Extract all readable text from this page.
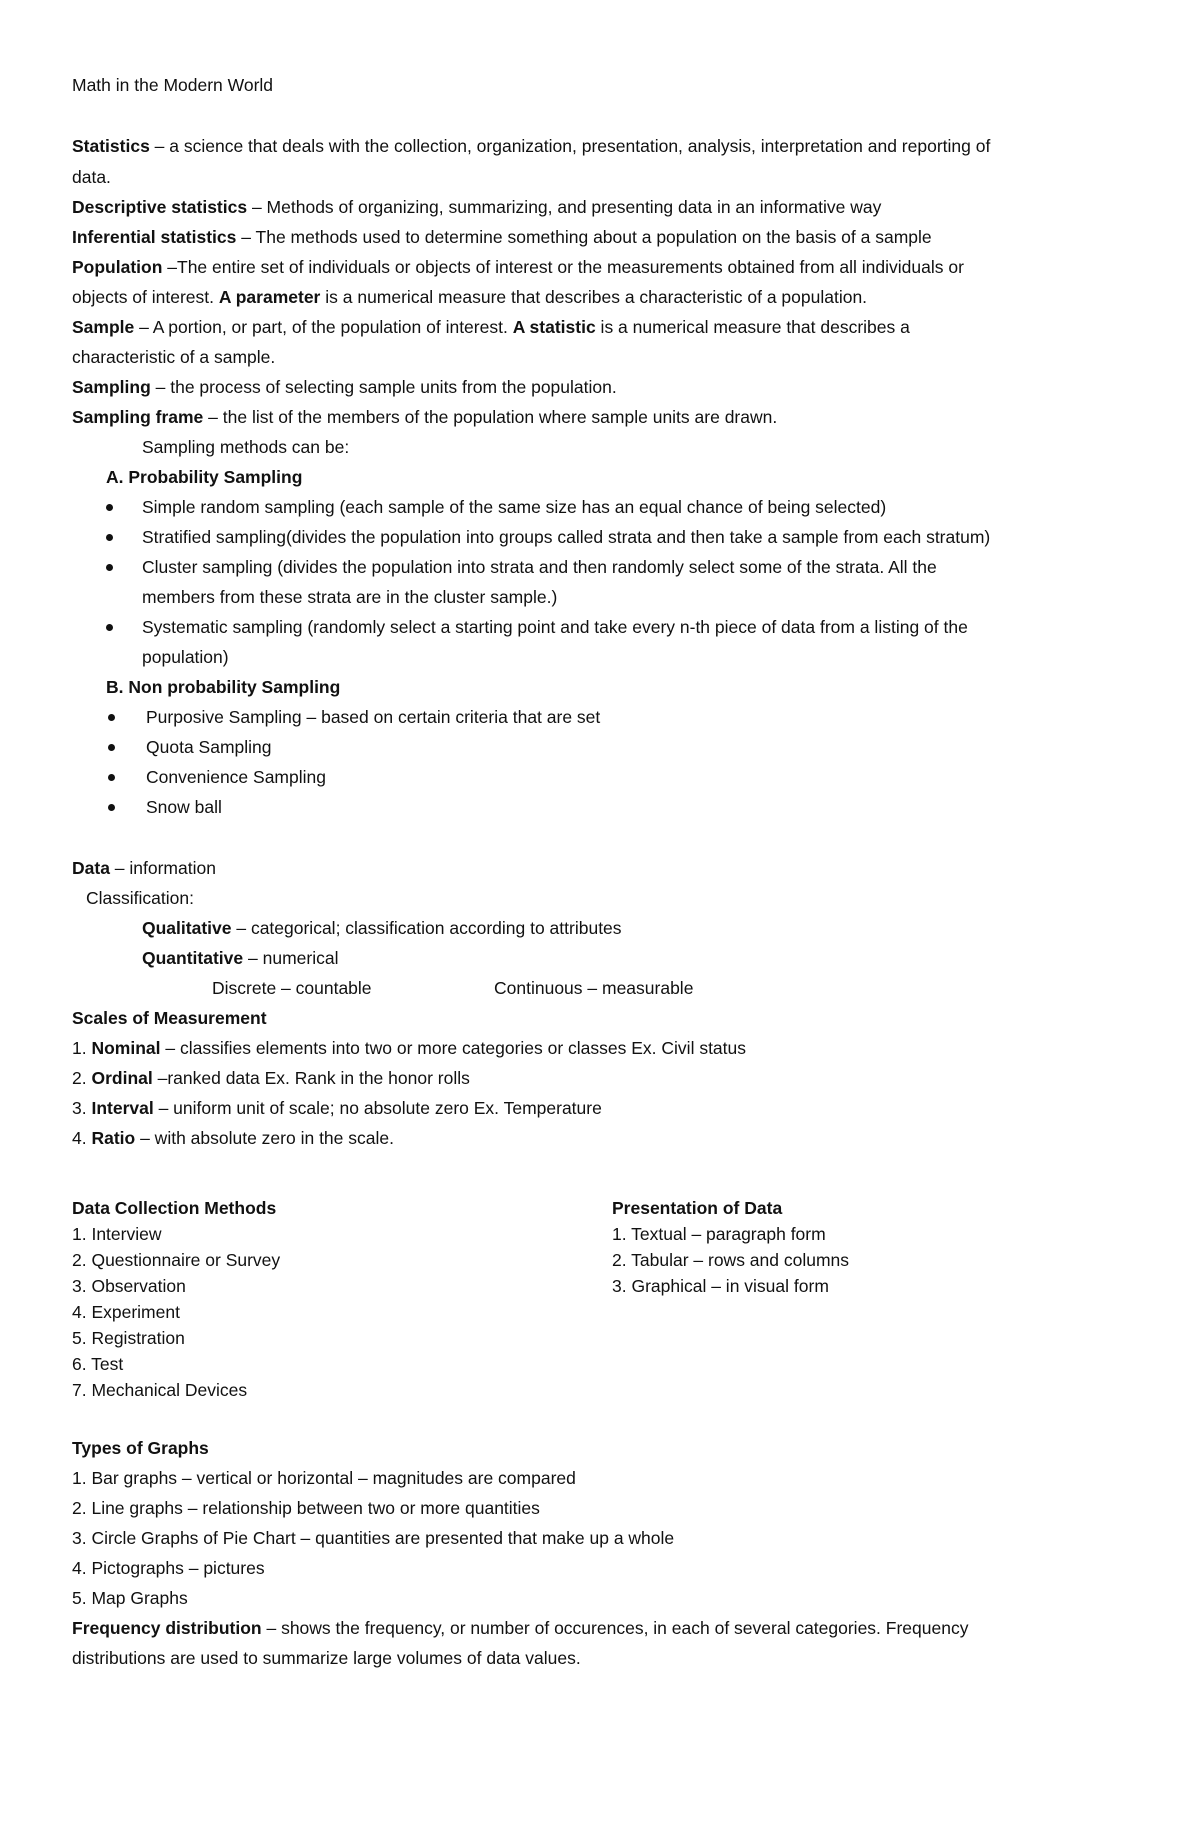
Math in the Modern World
Statistics – a science that deals with the collection, organization, presentation, analysis, interpretation and reporting of
data.
Descriptive statistics – Methods of organizing, summarizing, and presenting data in an informative way
Inferential statistics – The methods used to determine something about a population on the basis of a sample
Population –The entire set of individuals or objects of interest or the measurements obtained from all individuals or
objects of interest. A parameter is a numerical measure that describes a characteristic of a population.
Sample – A portion, or part, of the population of interest. A statistic is a numerical measure that describes a
characteristic of a sample.
Sampling – the process of selecting sample units from the population.
Sampling frame – the list of the members of the population where sample units are drawn.
Sampling methods can be:
A. Probability Sampling
Simple random sampling (each sample of the same size has an equal chance of being selected)
Stratified sampling(divides the population into groups called strata and then take a sample from each stratum)
Cluster sampling (divides the population into strata and then randomly select some of the strata. All the
members from these strata are in the cluster sample.)
Systematic sampling (randomly select a starting point and take every n-th piece of data from a listing of the
population)
B. Non probability Sampling
Purposive Sampling – based on certain criteria that are set
Quota Sampling
Convenience Sampling
Snow ball
Data – information
Classification:
Qualitative – categorical; classification according to attributes
Quantitative – numerical
Discrete – countable	Continuous – measurable
Scales of Measurement
1. Nominal – classifies elements into two or more categories or classes Ex. Civil status
2. Ordinal –ranked data Ex. Rank in the honor rolls
3. Interval – uniform unit of scale; no absolute zero Ex. Temperature
4. Ratio – with absolute zero in the scale.
Data Collection Methods
1. Interview
2. Questionnaire or Survey
3. Observation
4. Experiment
5. Registration
6. Test
7. Mechanical Devices
Presentation of Data
1. Textual – paragraph form
2. Tabular – rows and columns
3. Graphical – in visual form
Types of Graphs
1. Bar graphs – vertical or horizontal – magnitudes are compared
2. Line graphs – relationship between two or more quantities
3. Circle Graphs of Pie Chart – quantities are presented that make up a whole
4. Pictographs – pictures
5. Map Graphs
Frequency distribution – shows the frequency, or number of occurences, in each of several categories. Frequency
distributions are used to summarize large volumes of data values.
